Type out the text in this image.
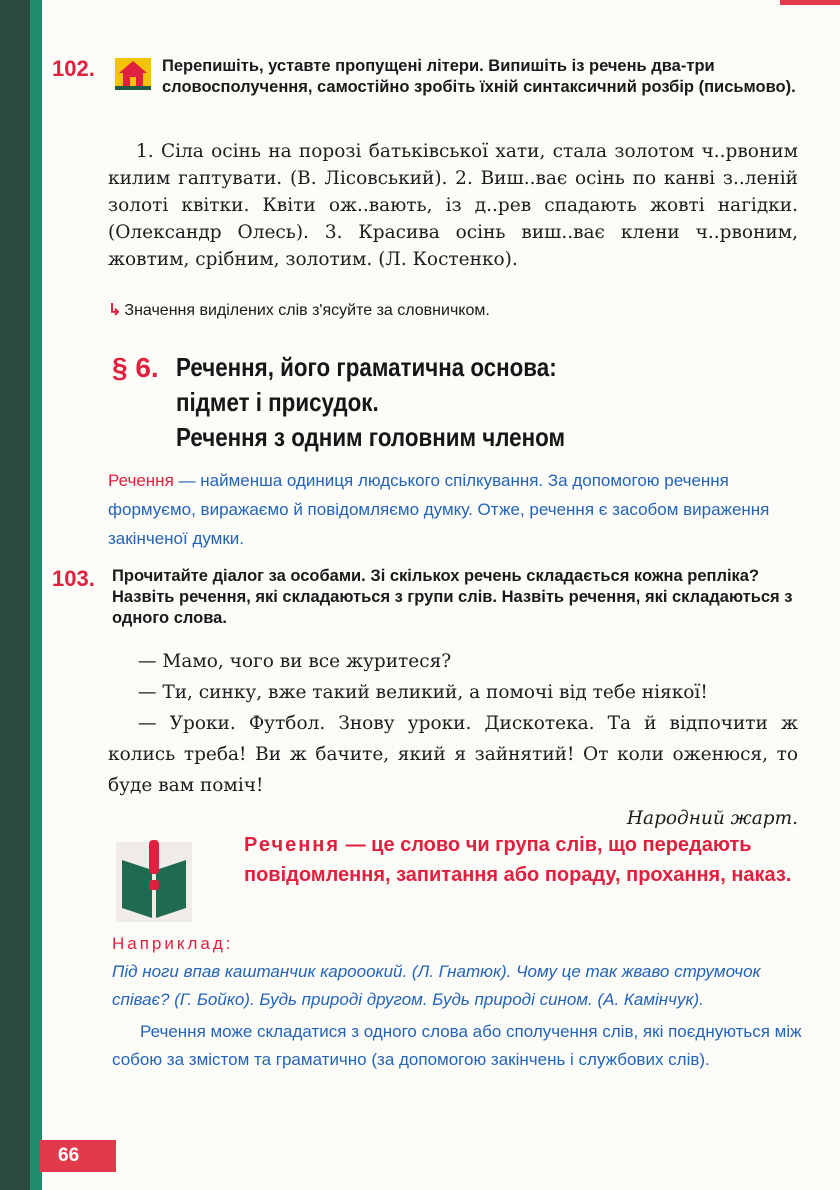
102.	Перепишіть, уставте пропущені літери. Випишіть із речень два-три словосполучення, самостійно зробіть їхній синтаксичний розбір (письмово).
1. Сіла осінь на порозі батьківської хати, стала золотом ч..рвоним килим гаптувати. (В. Лісовський). 2. Виш..ває осінь по канві з..леній золоті квітки. Квіти ож..вають, із д..рев спадають жовті нагідки. (Олександр Олесь). 3. Красива осінь виш..ває клени ч..рвоним, жовтим, срібним, золотим. (Л. Костенко).
↳ Значення виділених слів з'ясуйте за словничком.
§ 6. Речення, його граматична основа:
підмет і присудок.
Речення з одним головним членом
Речення — найменша одиниця людського спілкування. За допомогою речення формуємо, виражаємо й повідомляємо думку. Отже, речення є засобом вираження закінченої думки.
103. Прочитайте діалог за особами. Зі скількох речень складається кожна репліка? Назвіть речення, які складаються з групи слів. Назвіть речення, які складаються з одного слова.

— Мамо, чого ви все журитеся?

— Ти, синку, вже такий великий, а помочі від тебе ніякої!

— Уроки. Футбол. Знову уроки. Дискотека. Та й відпочити ж колись треба! Ви ж бачите, який я зайнятий! От коли оженюся, то буде вам поміч!

Народний жарт.

Речення — це слово чи група слів, що передають повідомлення, запитання або пораду, прохання, наказ.

Наприклад:

Під ноги впав каштанчик карооокий. (Л. Гнатюк). Чому це так жваво струмочок співає? (Г. Бойко). Будь природі другом. Будь природі сином. (А. Камінчук).

Речення може складатися з одного слова або сполучення слів, які поєднуються між собою за змістом та граматично (за допомогою закінчень і службових слів).

66
